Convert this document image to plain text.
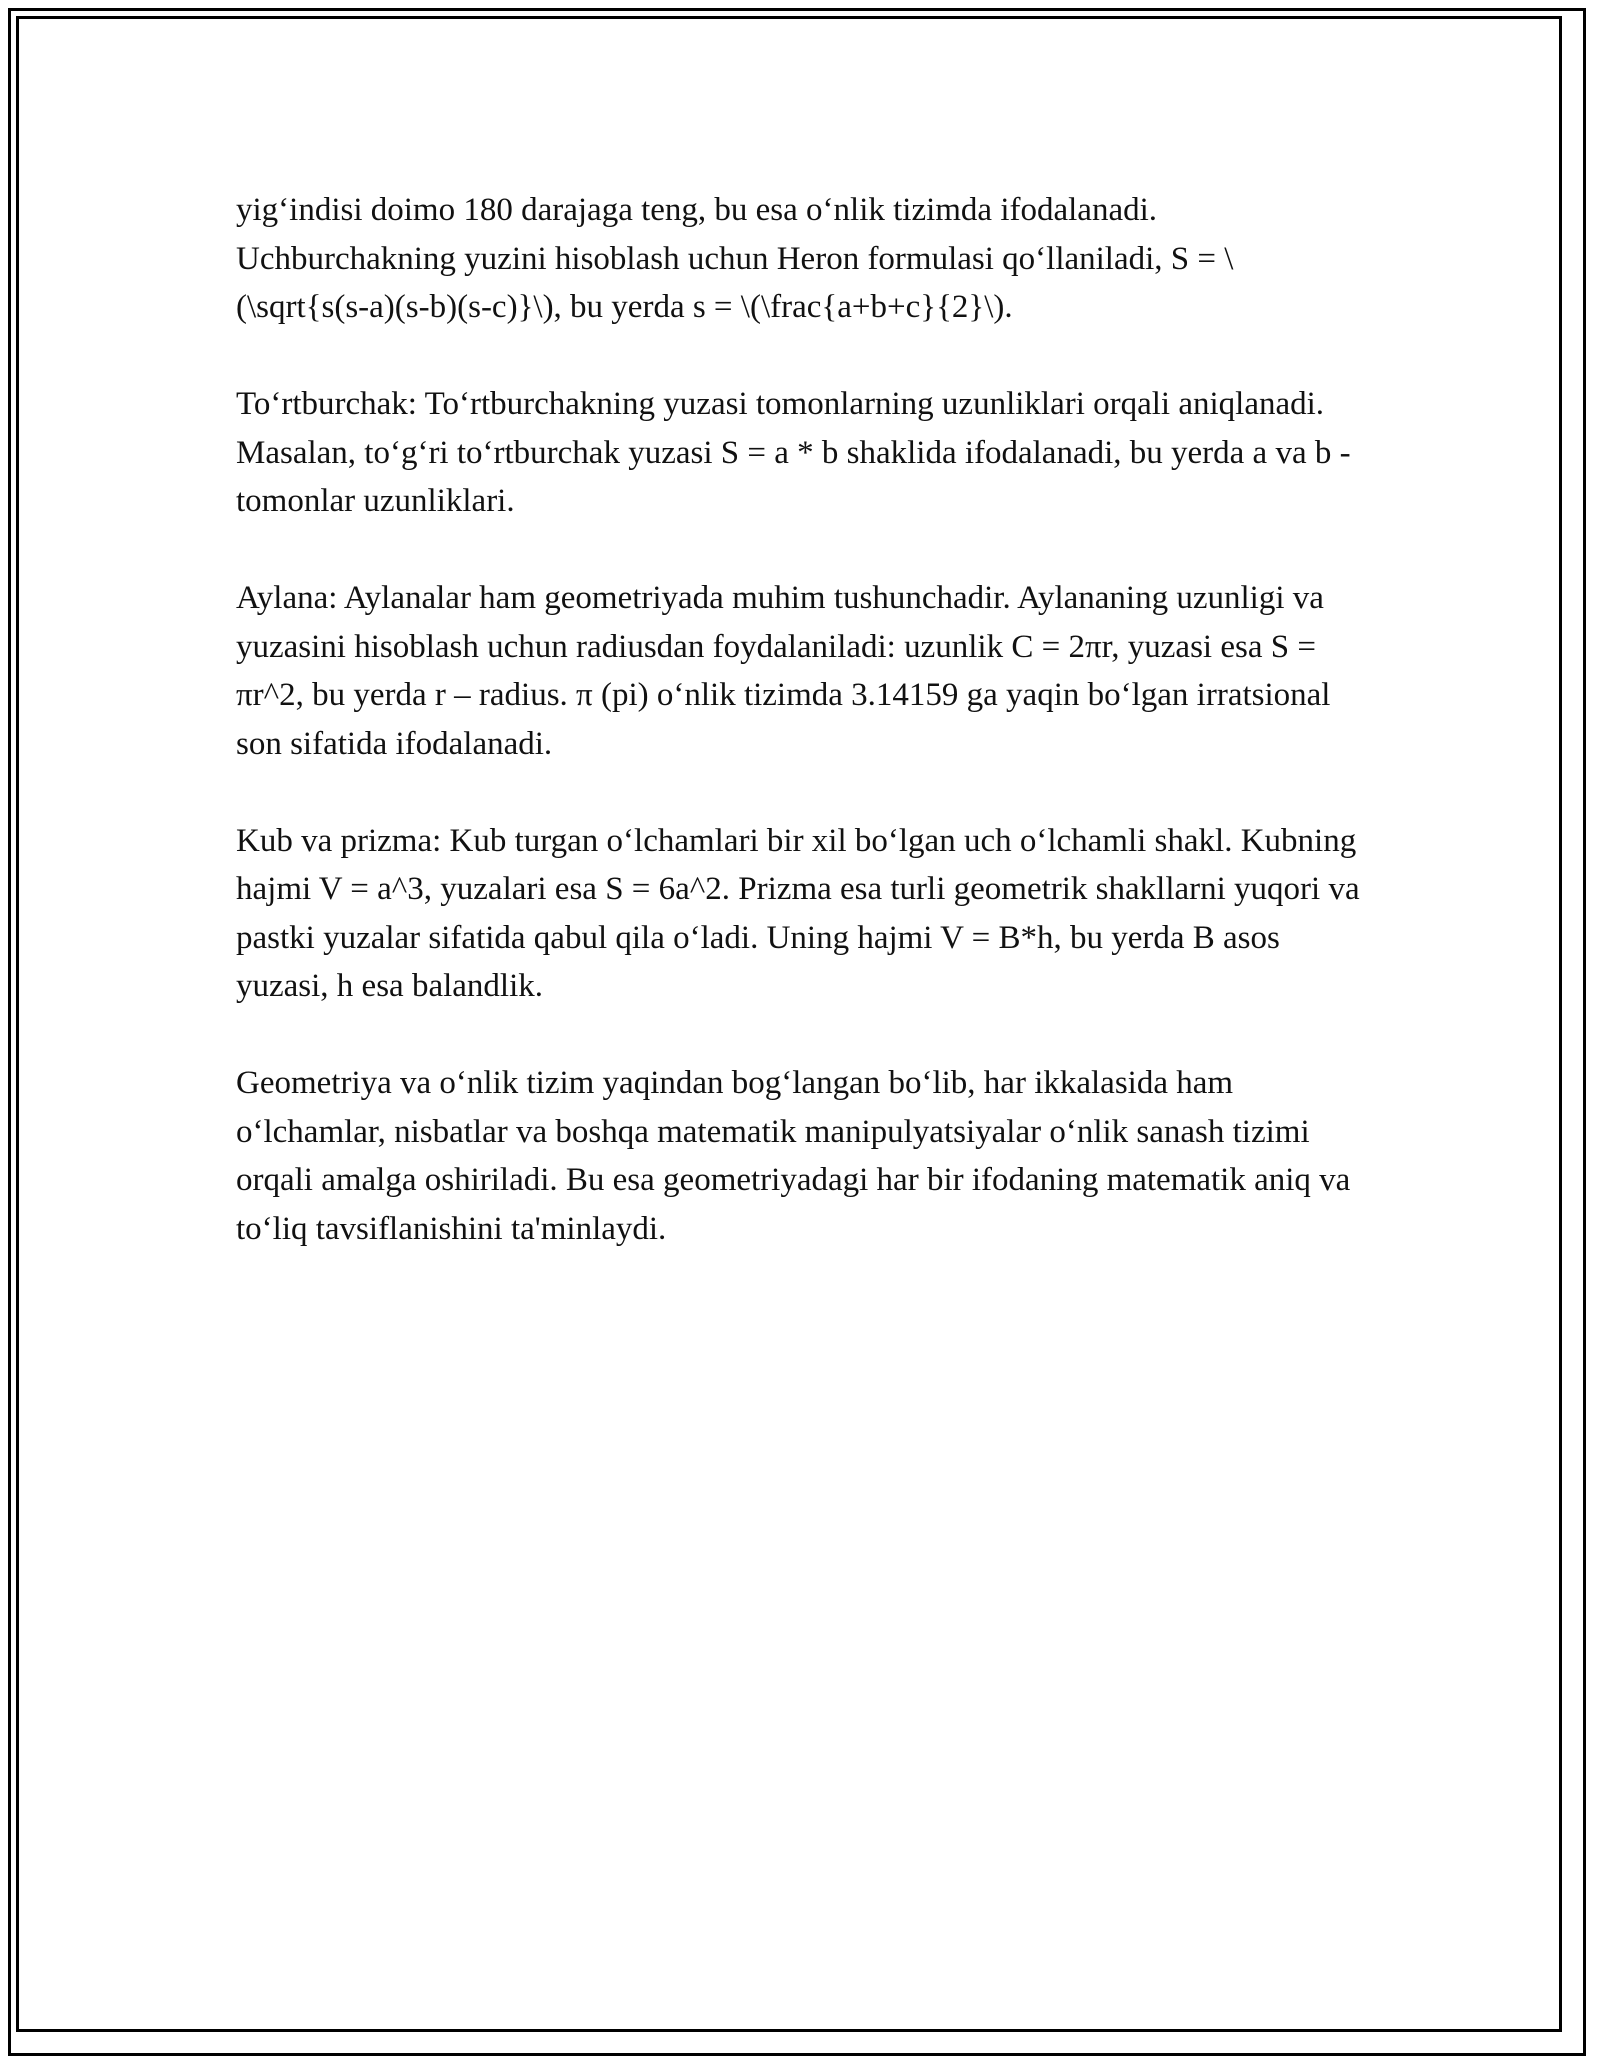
yig‘indisi doimo 180 darajaga teng, bu esa o‘nlik tizimda ifodalanadi. Uchburchakning yuzini hisoblash uchun Heron formulasi qo‘llaniladi, S = \(\sqrt{s(s-a)(s-b)(s-c)}\), bu yerda s = \(\frac{a+b+c}{2}\).

To‘rtburchak: To‘rtburchakning yuzasi tomonlarning uzunliklari orqali aniqlanadi. Masalan, to‘g‘ri to‘rtburchak yuzasi S = a * b shaklida ifodalanadi, bu yerda a va b - tomonlar uzunliklari.

Aylana: Aylanalar ham geometriyada muhim tushunchadir. Aylananing uzunligi va yuzasini hisoblash uchun radiusdan foydalaniladi: uzunlik C = 2πr, yuzasi esa S = πr^2, bu yerda r – radius. π (pi) o‘nlik tizimda 3.14159 ga yaqin bo‘lgan irratsional son sifatida ifodalanadi.

Kub va prizma: Kub turgan o‘lchamlari bir xil bo‘lgan uch o‘lchamli shakl. Kubning hajmi V = a^3, yuzalari esa S = 6a^2. Prizma esa turli geometrik shakllarni yuqori va pastki yuzalar sifatida qabul qila o‘ladi. Uning hajmi V = B*h, bu yerda B asos yuzasi, h esa balandlik.

Geometriya va o‘nlik tizim yaqindan bog‘langan bo‘lib, har ikkalasida ham o‘lchamlar, nisbatlar va boshqa matematik manipulyatsiyalar o‘nlik sanash tizimi orqali amalga oshiriladi. Bu esa geometriyadagi har bir ifodaning matematik aniq va to‘liq tavsiflanishini ta'minlaydi.
